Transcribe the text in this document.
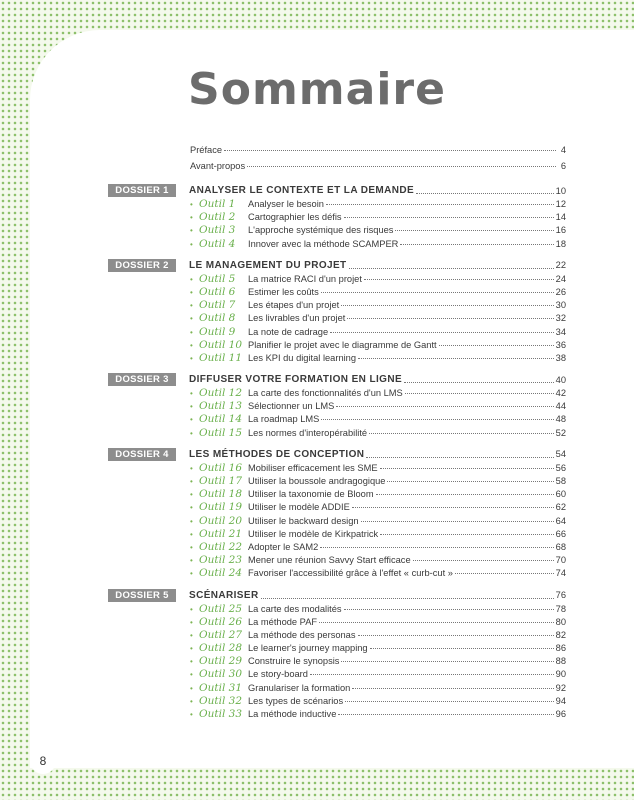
Sommaire
Préface	4
Avant-propos	6
DOSSIER 1	ANALYSER LE CONTEXTE ET LA DEMANDE	10
• Outil 1	Analyser le besoin	12
• Outil 2	Cartographier les défis	14
• Outil 3	L'approche systémique des risques	16
• Outil 4	Innover avec la méthode SCAMPER	18
DOSSIER 2	LE MANAGEMENT DU PROJET	22
• Outil 5	La matrice RACI d'un projet	24
• Outil 6	Estimer les coûts	26
• Outil 7	Les étapes d'un projet	30
• Outil 8	Les livrables d'un projet	32
• Outil 9	La note de cadrage	34
• Outil 10 Planifier le projet avec le diagramme de Gantt	36
• Outil 11 Les KPI du digital learning	38
DOSSIER 3	DIFFUSER VOTRE FORMATION EN LIGNE	40
• Outil 12 La carte des fonctionnalités d'un LMS	42
• Outil 13 Sélectionner un LMS	44
• Outil 14 La roadmap LMS	48
• Outil 15 Les normes d'interopérabilité	52
DOSSIER 4	LES MÉTHODES DE CONCEPTION	54
• Outil 16 Mobiliser efficacement les SME	56
• Outil 17 Utiliser la boussole andragogique	58
• Outil 18 Utiliser la taxonomie de Bloom	60
• Outil 19 Utiliser le modèle ADDIE	62
• Outil 20 Utiliser le backward design	64
• Outil 21 Utiliser le modèle de Kirkpatrick	66
• Outil 22 Adopter le SAM2	68
• Outil 23 Mener une réunion Savvy Start efficace	70
• Outil 24 Favoriser l'accessibilité grâce à l'effet « curb-cut »	74
DOSSIER 5	SCÉNARISER	76
• Outil 25 La carte des modalités	78
• Outil 26 La méthode PAF	80
• Outil 27 La méthode des personas	82
• Outil 28 Le learner's journey mapping	86
• Outil 29 Construire le synopsis	88
• Outil 30 Le story-board	90
• Outil 31 Granulariser la formation	92
• Outil 32 Les types de scénarios	94
• Outil 33 La méthode inductive	96
8
